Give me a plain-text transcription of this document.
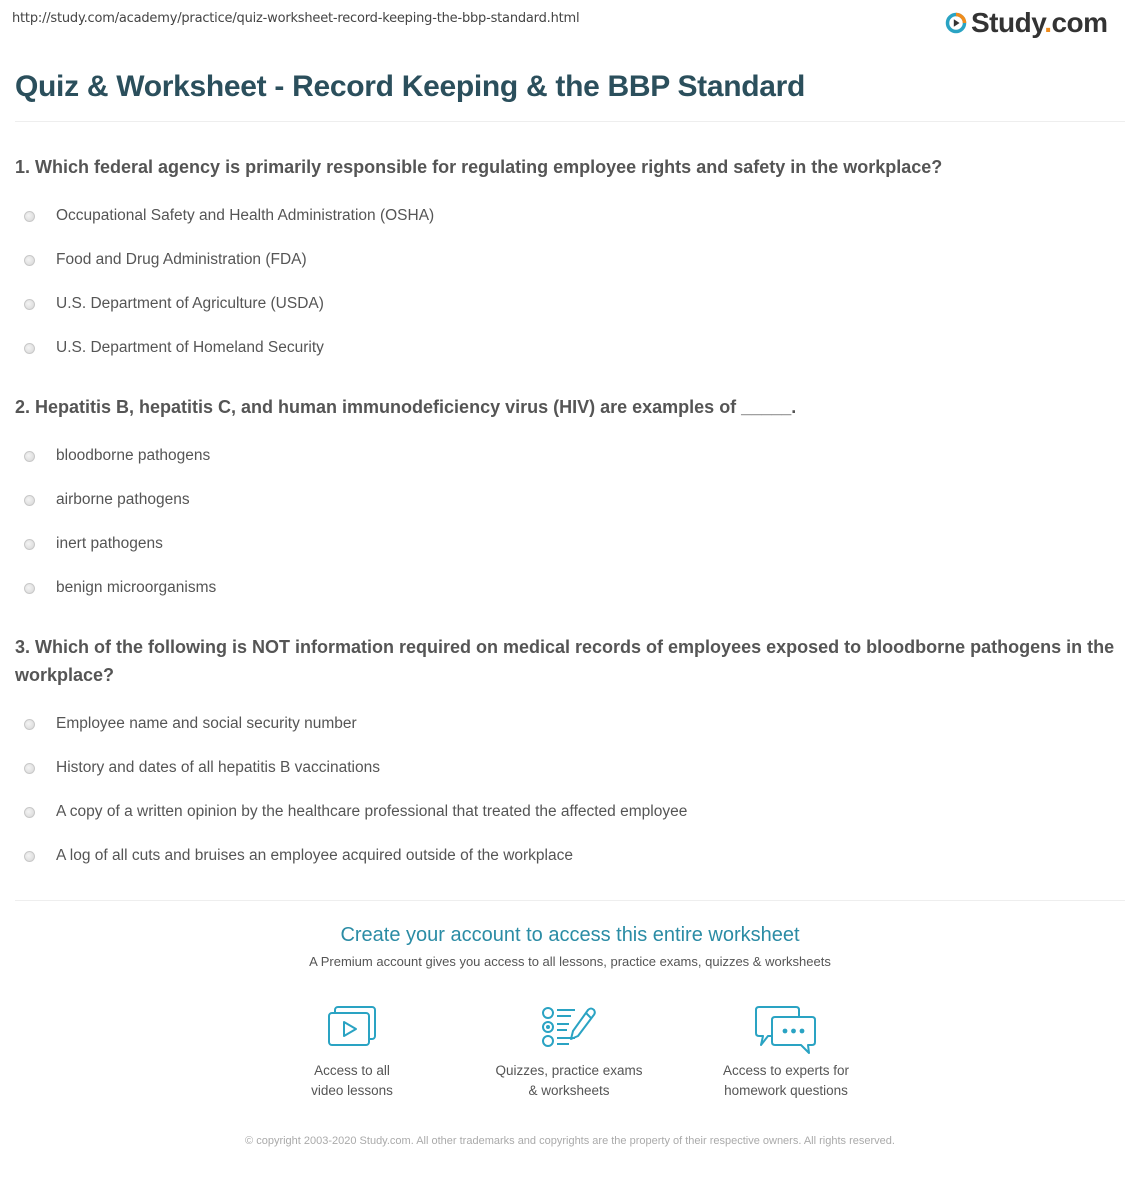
http://study.com/academy/practice/quiz-worksheet-record-keeping-the-bbp-standard.html	Study.com
Quiz & Worksheet - Record Keeping & the BBP Standard
1. Which federal agency is primarily responsible for regulating employee rights and safety in the workplace?
Occupational Safety and Health Administration (OSHA)
Food and Drug Administration (FDA)
U.S. Department of Agriculture (USDA)
U.S. Department of Homeland Security
2. Hepatitis B, hepatitis C, and human immunodeficiency virus (HIV) are examples of _____.
bloodborne pathogens
airborne pathogens
inert pathogens
benign microorganisms
3. Which of the following is NOT information required on medical records of employees exposed to bloodborne pathogens in the workplace?
Employee name and social security number
History and dates of all hepatitis B vaccinations
A copy of a written opinion by the healthcare professional that treated the affected employee
A log of all cuts and bruises an employee acquired outside of the workplace
Create your account to access this entire worksheet
A Premium account gives you access to all lessons, practice exams, quizzes & worksheets
Access to all
video lessons
Quizzes, practice exams
& worksheets
Access to experts for
homework questions
© copyright 2003-2020 Study.com. All other trademarks and copyrights are the property of their respective owners. All rights reserved.
